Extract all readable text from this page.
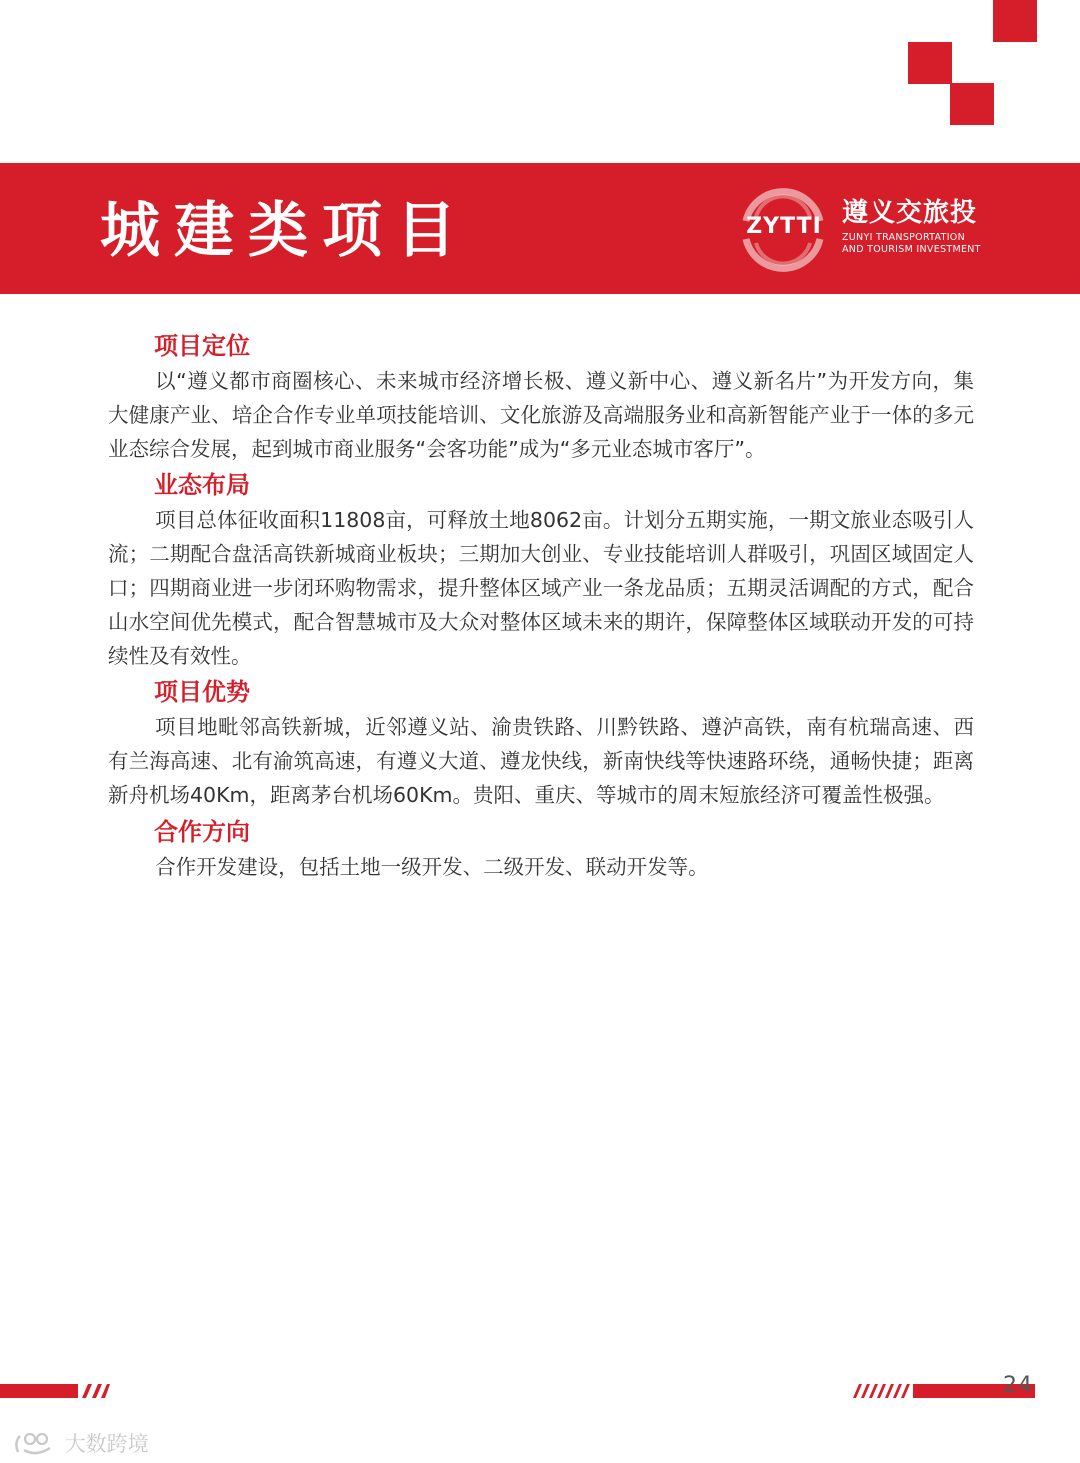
城建类项目	ZYTTI 遵义交旅投
ZUNYI TRANSPORTATION
AND TOURISM INVESTMENT
项目定位

以“遵义都市商圈核心、未来城市经济增长极、遵义新中心、遵义新名片”为开发方向，集大健康产业、培企合作专业单项技能培训、文化旅游及高端服务业和高新智能产业于一体的多元业态综合发展，起到城市商业服务“会客功能”成为“多元业态城市客厅”。

业态布局

项目总体征收面积11808亩，可释放土地8062亩。计划分五期实施，一期文旅业态吸引人流；二期配合盘活高铁新城商业板块；三期加大创业、专业技能培训人群吸引，巩固区域固定人口；四期商业进一步闭环购物需求，提升整体区域产业一条龙品质；五期灵活调配的方式，配合山水空间优先模式，配合智慧城市及大众对整体区域未来的期许，保障整体区域联动开发的可持续性及有效性。

项目优势

项目地毗邻高铁新城，近邻遵义站、渝贵铁路、川黔铁路、遵泸高铁，南有杭瑞高速、西有兰海高速、北有渝筑高速，有遵义大道、遵龙快线，新南快线等快速路环绕，通畅快捷；距离新舟机场40Km，距离茅台机场60Km。贵阳、重庆、等城市的周末短旅经济可覆盖性极强。

合作方向

合作开发建设，包括土地一级开发、二级开发、联动开发等。

24
大数跨境
